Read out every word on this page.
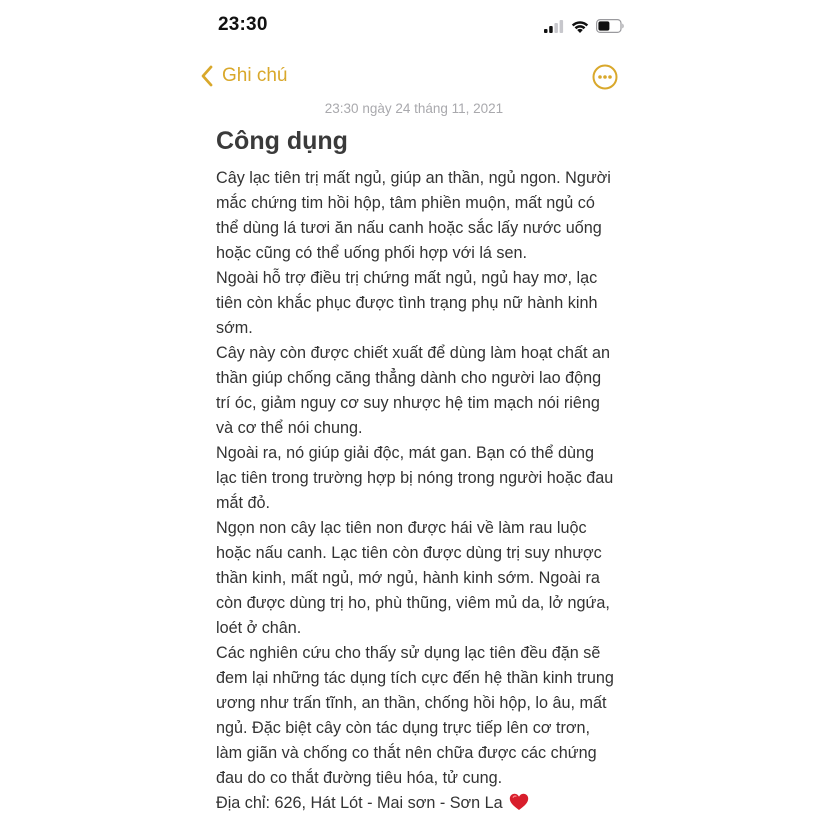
23:30
Ghi chú
23:30 ngày 24 tháng 11, 2021
Công dụng
Cây lạc tiên trị mất ngủ, giúp an thần, ngủ ngon. Người
mắc chứng tim hồi hộp, tâm phiền muộn, mất ngủ có
thể dùng lá tươi ăn nấu canh hoặc sắc lấy nước uống
hoặc cũng có thể uống phối hợp với lá sen.
Ngoài hỗ trợ điều trị chứng mất ngủ, ngủ hay mơ, lạc
tiên còn khắc phục được tình trạng phụ nữ hành kinh
sớm.
Cây này còn được chiết xuất để dùng làm hoạt chất an
thần giúp chống căng thẳng dành cho người lao động
trí óc, giảm nguy cơ suy nhược hệ tim mạch nói riêng
và cơ thể nói chung.
Ngoài ra, nó giúp giải độc, mát gan. Bạn có thể dùng
lạc tiên trong trường hợp bị nóng trong người hoặc đau
mắt đỏ.
Ngọn non cây lạc tiên non được hái về làm rau luộc
hoặc nấu canh. Lạc tiên còn được dùng trị suy nhược
thần kinh, mất ngủ, mớ ngủ, hành kinh sớm. Ngoài ra
còn được dùng trị ho, phù thũng, viêm mủ da, lở ngứa,
loét ở chân.
Các nghiên cứu cho thấy sử dụng lạc tiên đều đặn sẽ
đem lại những tác dụng tích cực đến hệ thần kinh trung
ương như trấn tĩnh, an thần, chống hồi hộp, lo âu, mất
ngủ. Đặc biệt cây còn tác dụng trực tiếp lên cơ trơn,
làm giãn và chống co thắt nên chữa được các chứng
đau do co thắt đường tiêu hóa, tử cung.
Địa chỉ: 626, Hát Lót - Mai sơn - Sơn La
